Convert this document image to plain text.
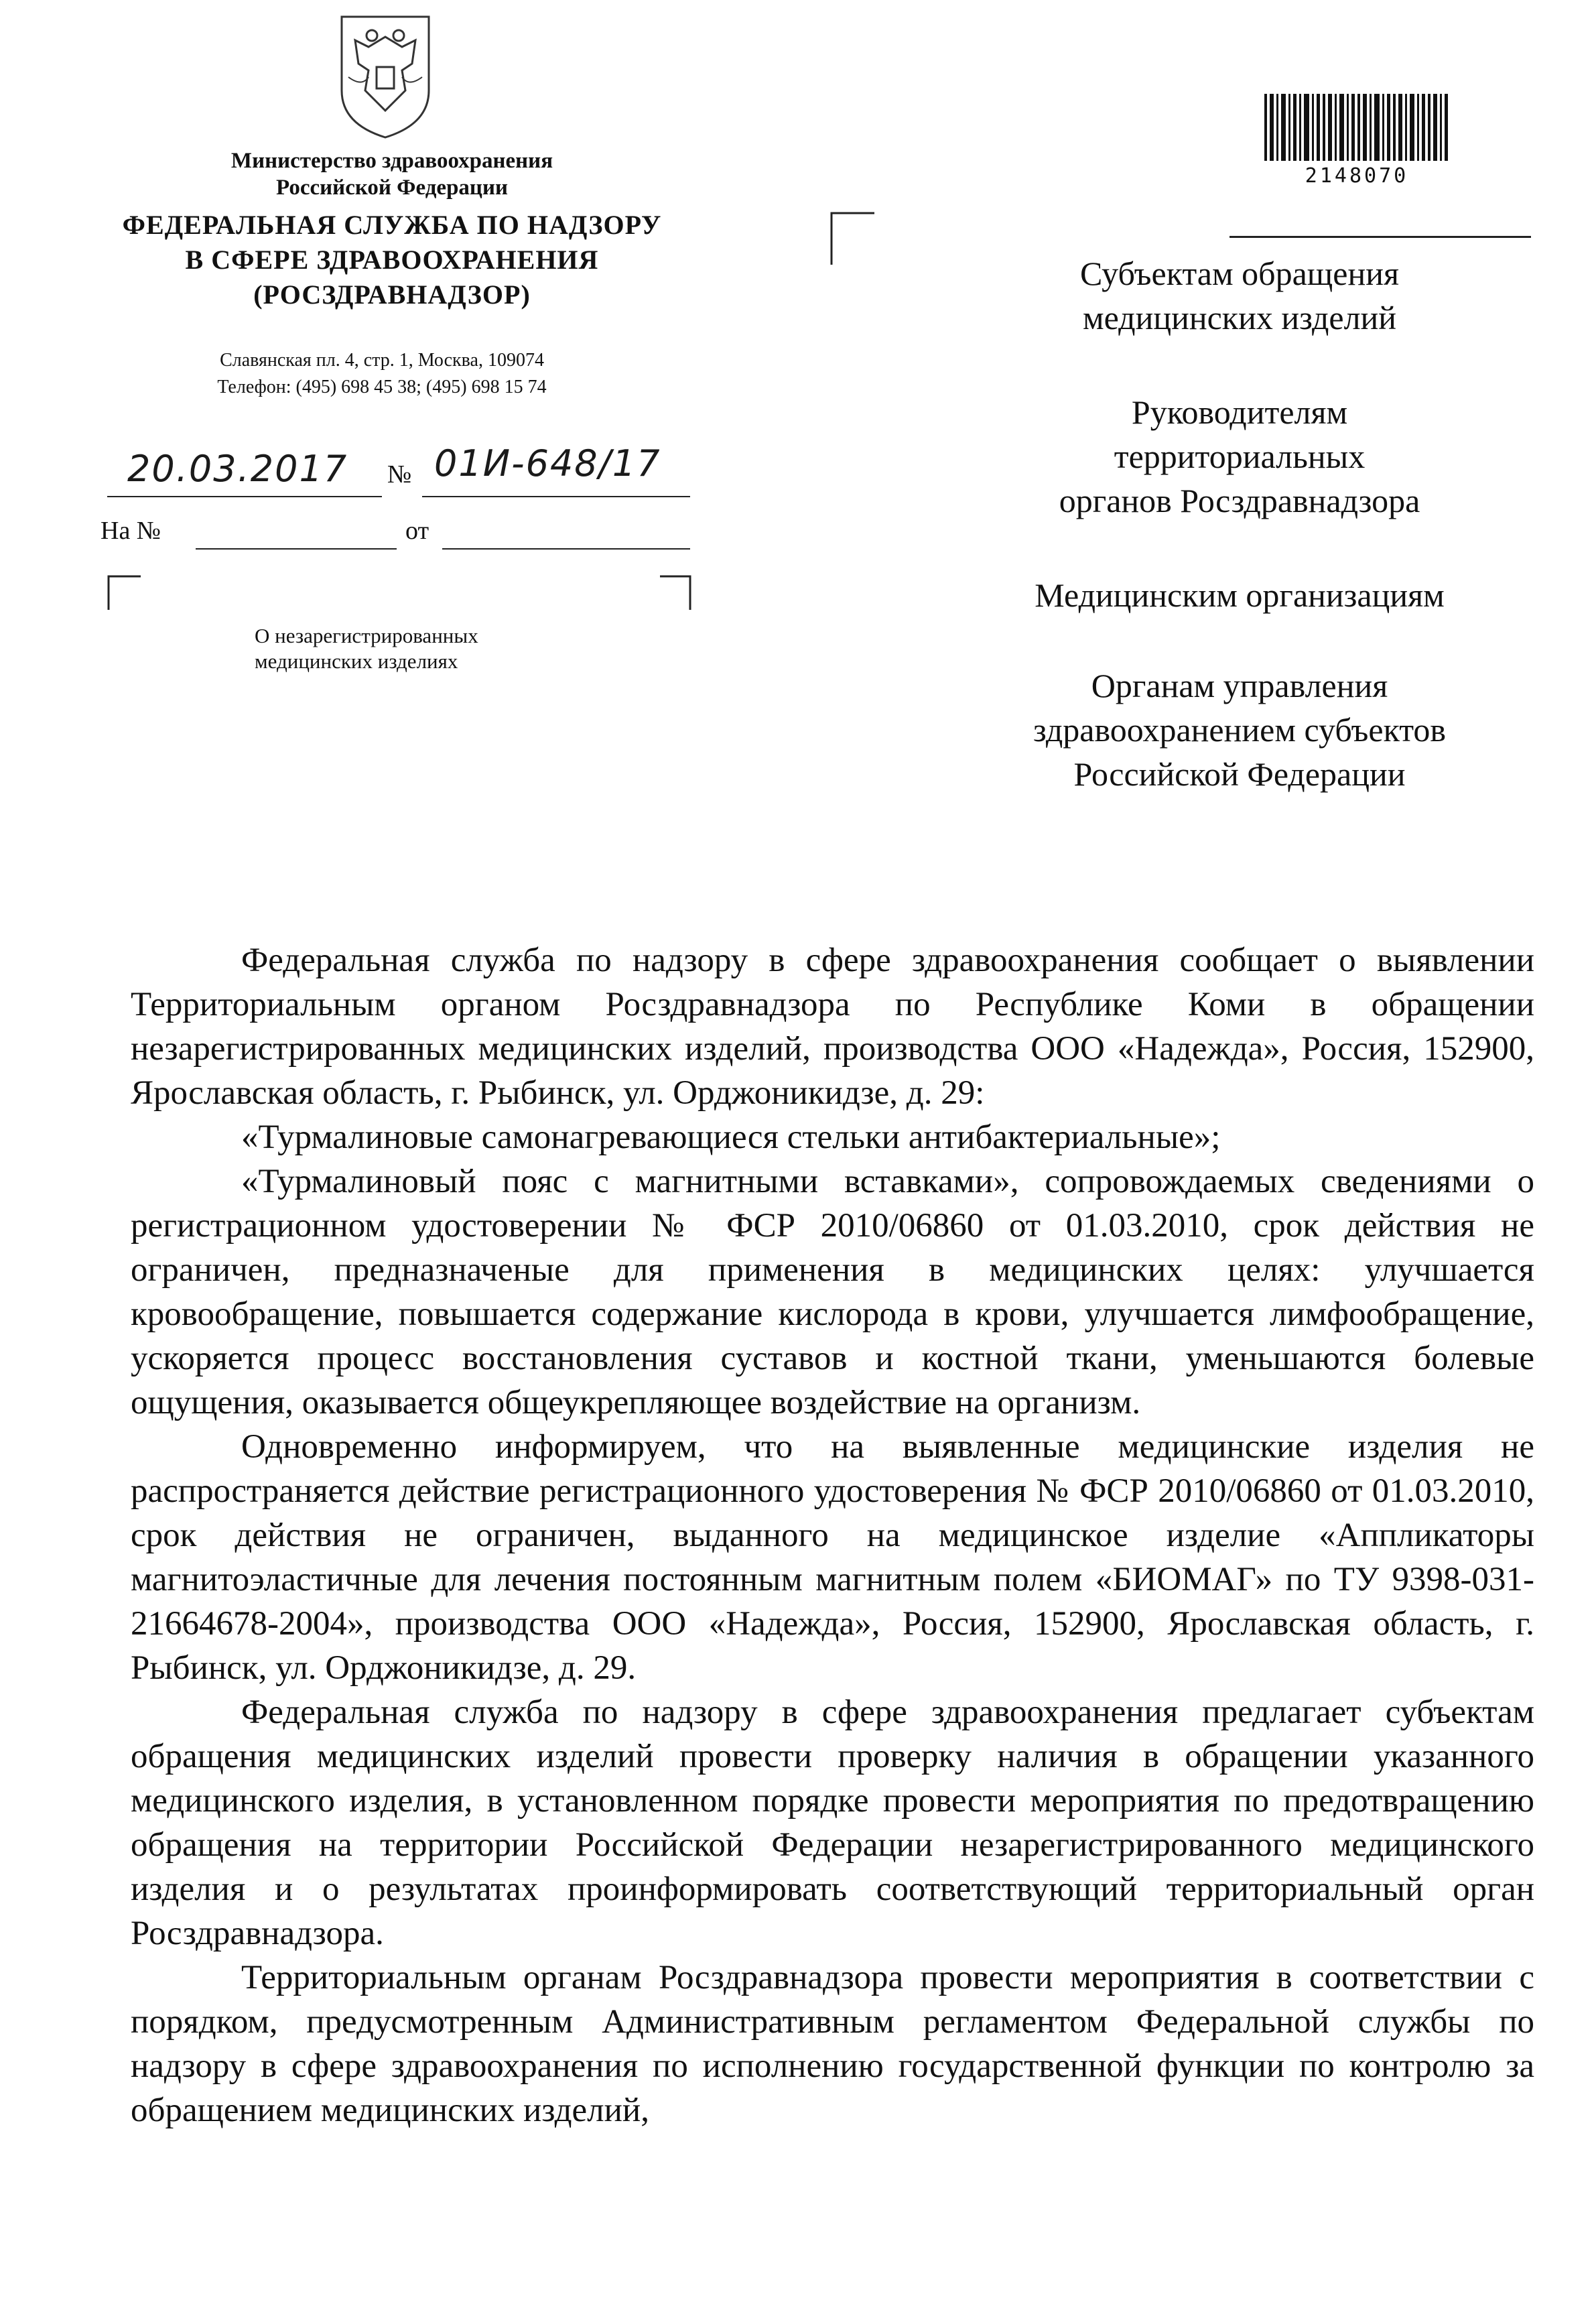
Министерство здравоохранения
Российской Федерации
ФЕДЕРАЛЬНАЯ СЛУЖБА ПО НАДЗОРУ
В СФЕРЕ ЗДРАВООХРАНЕНИЯ
(РОСЗДРАВНАДЗОР)
Славянская пл. 4, стр. 1, Москва, 109074
Телефон: (495) 698 45 38; (495) 698 15 74
20.03.2017 № 01И-648/17
На №	от
О незарегистрированных
медицинских изделиях
2148070
Субъектам обращения
медицинских изделий
Руководителям
территориальных
органов Росздравнадзора
Медицинским организациям
Органам управления
здравоохранением субъектов
Российской Федерации

Федеральная служба по надзору в сфере здравоохранения сообщает о выявлении Территориальным органом Росздравнадзора по Республике Коми в обращении незарегистрированных медицинских изделий, производства ООО «Надежда», Россия, 152900, Ярославская область, г. Рыбинск, ул. Орджоникидзе, д. 29:

«Турмалиновые самонагревающиеся стельки антибактериальные»;

«Турмалиновый пояс с магнитными вставками», сопровождаемых сведениями о регистрационном удостоверении № ФСР 2010/06860 от 01.03.2010, срок действия не ограничен, предназначеные для применения в медицинских целях: улучшается кровообращение, повышается содержание кислорода в крови, улучшается лимфообращение, ускоряется процесс восстановления суставов и костной ткани, уменьшаются болевые ощущения, оказывается общеукрепляющее воздействие на организм.

Одновременно информируем, что на выявленные медицинские изделия не распространяется действие регистрационного удостоверения № ФСР 2010/06860 от 01.03.2010, срок действия не ограничен, выданного на медицинское изделие «Аппликаторы магнитоэластичные для лечения постоянным магнитным полем «БИОМАГ» по ТУ 9398-031-21664678-2004», производства ООО «Надежда», Россия, 152900, Ярославская область, г. Рыбинск, ул. Орджоникидзе, д. 29.

Федеральная служба по надзору в сфере здравоохранения предлагает субъектам обращения медицинских изделий провести проверку наличия в обращении указанного медицинского изделия, в установленном порядке провести мероприятия по предотвращению обращения на территории Российской Федерации незарегистрированного медицинского изделия и о результатах проинформировать соответствующий территориальный орган Росздравнадзора.

Территориальным органам Росздравнадзора провести мероприятия в соответствии с порядком, предусмотренным Административным регламентом Федеральной службы по надзору в сфере здравоохранения по исполнению государственной функции по контролю за обращением медицинских изделий,
